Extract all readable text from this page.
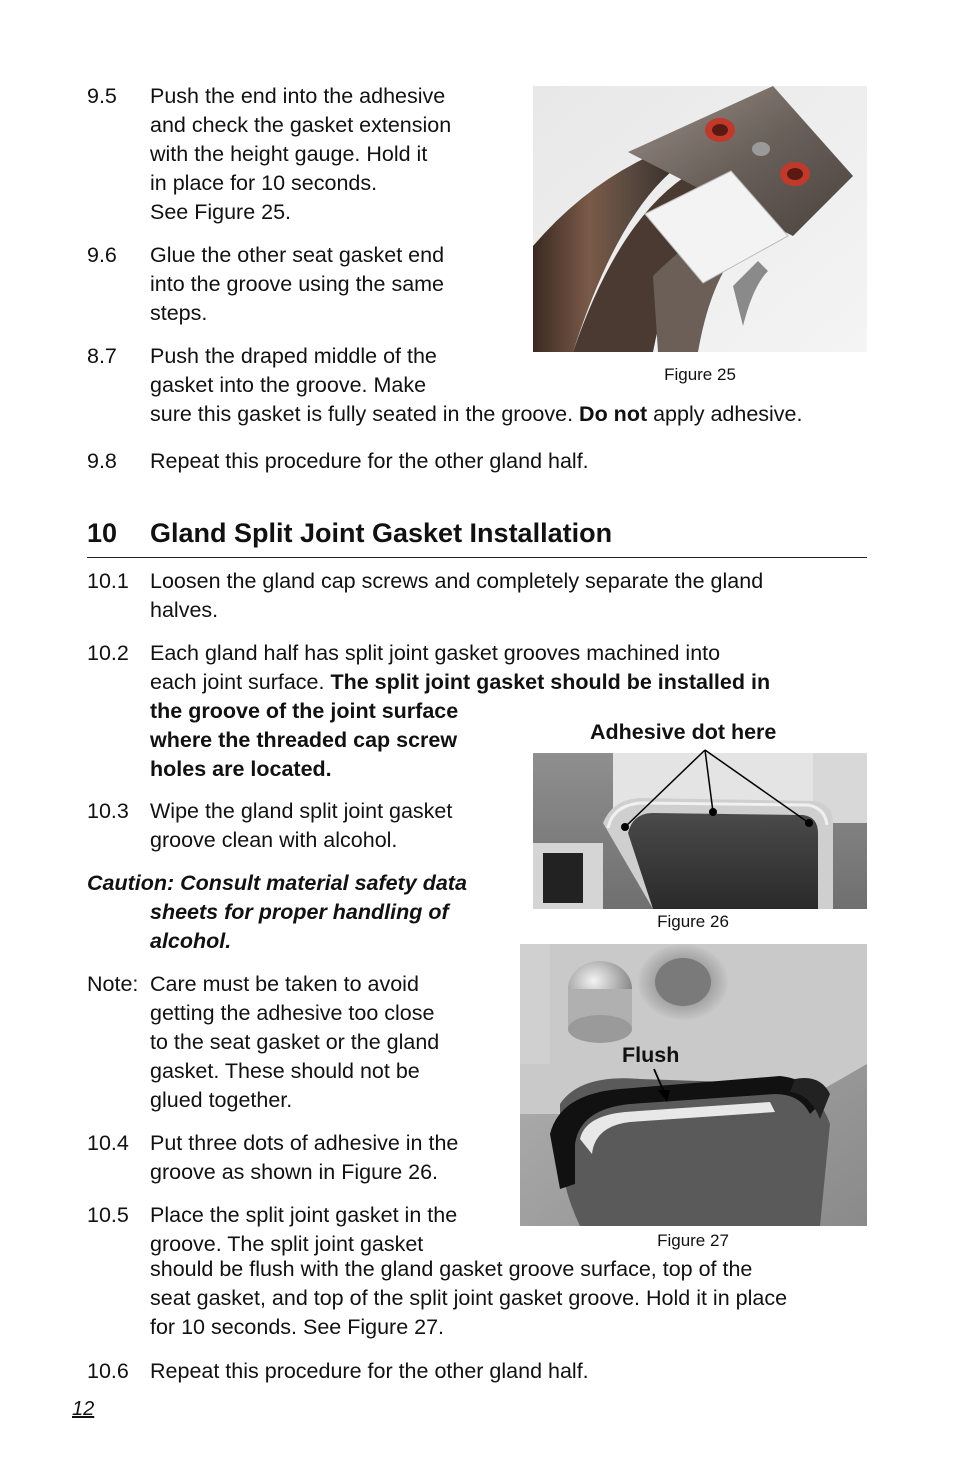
9.5 Push the end into the adhesive
and check the gasket extension
with the height gauge. Hold it
in place for 10 seconds.
See Figure 25.
9.6 Glue the other seat gasket end
into the groove using the same
steps.
8.7 Push the draped middle of the
gasket into the groove. Make
sure this gasket is fully seated in the groove. Do not apply adhesive.
9.8 Repeat this procedure for the other gland half.
Figure 25
10 Gland Split Joint Gasket Installation
10.1 Loosen the gland cap screws and completely separate the gland
halves.
10.2 Each gland half has split joint gasket grooves machined into
each joint surface. The split joint gasket should be installed in
the groove of the joint surface
where the threaded cap screw
holes are located.
10.3 Wipe the gland split joint gasket
groove clean with alcohol.
Caution: Consult material safety data
sheets for proper handling of
alcohol.
Note: Care must be taken to avoid
getting the adhesive too close
to the seat gasket or the gland
gasket. These should not be
glued together.
10.4 Put three dots of adhesive in the
groove as shown in Figure 26.
10.5 Place the split joint gasket in the
groove. The split joint gasket
should be flush with the gland gasket groove surface, top of the
seat gasket, and top of the split joint gasket groove. Hold it in place
for 10 seconds. See Figure 27.
10.6 Repeat this procedure for the other gland half.
Adhesive dot here
Figure 26
Flush
Figure 27
12
